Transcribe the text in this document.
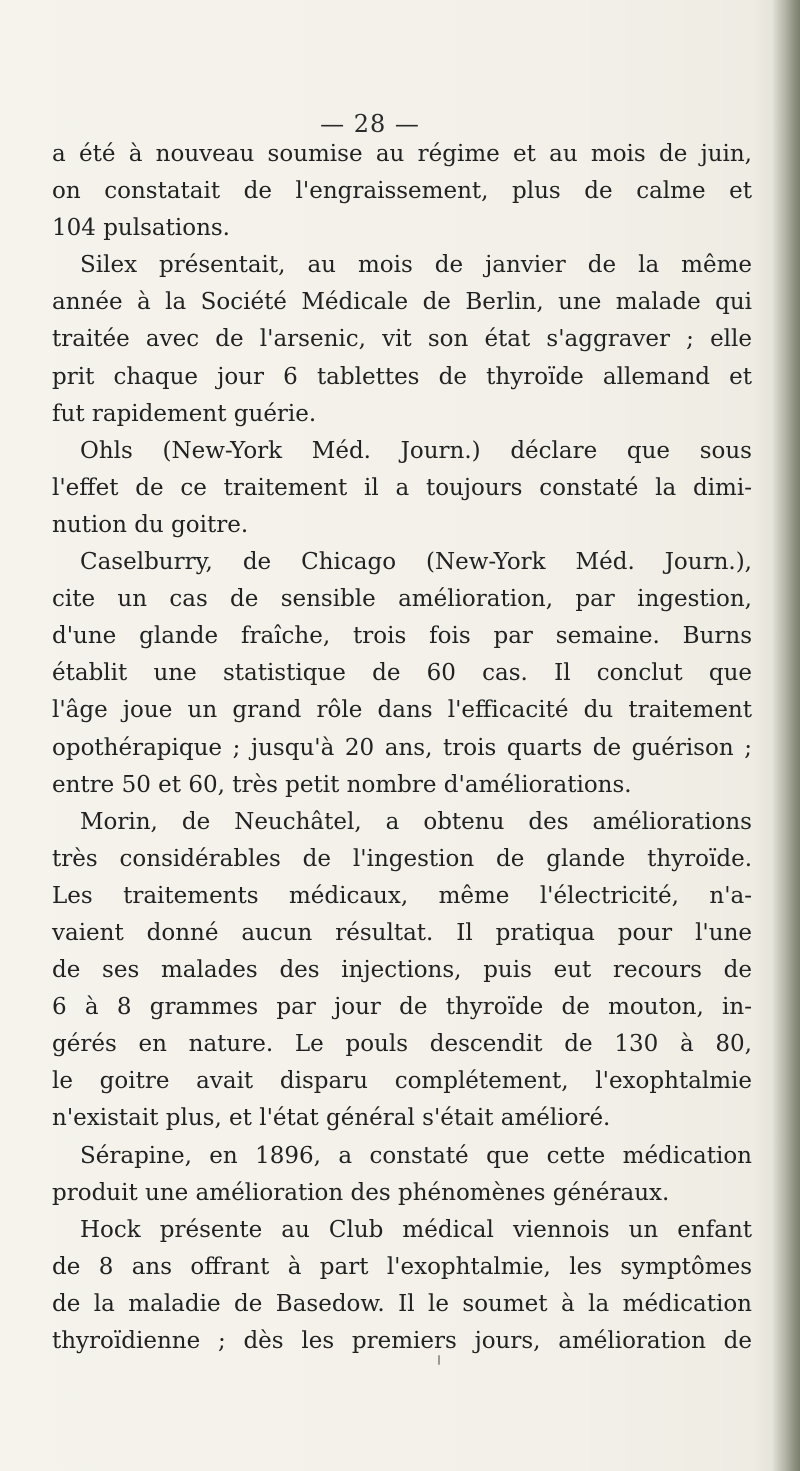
— 28 —
a été à nouveau soumise au régime et au mois de juin,
on constatait de l'engraissement, plus de calme et
104 pulsations.
Silex présentait, au mois de janvier de la même
année à la Société Médicale de Berlin, une malade qui
traitée avec de l'arsenic, vit son état s'aggraver ; elle
prit chaque jour 6 tablettes de thyroïde allemand et
fut rapidement guérie.
Ohls (New-York Méd. Journ.) déclare que sous
l'effet de ce traitement il a toujours constaté la dimi-
nution du goitre.
Caselburry, de Chicago (New-York Méd. Journ.),
cite un cas de sensible amélioration, par ingestion,
d'une glande fraîche, trois fois par semaine. Burns
établit une statistique de 60 cas. Il conclut que
l'âge joue un grand rôle dans l'efficacité du traitement
opothérapique ; jusqu'à 20 ans, trois quarts de guérison ;
entre 50 et 60, très petit nombre d'améliorations.
Morin, de Neuchâtel, a obtenu des améliorations
très considérables de l'ingestion de glande thyroïde.
Les traitements médicaux, même l'électricité, n'a-
vaient donné aucun résultat. Il pratiqua pour l'une
de ses malades des injections, puis eut recours de
6 à 8 grammes par jour de thyroïde de mouton, in-
gérés en nature. Le pouls descendit de 130 à 80,
le goitre avait disparu complétement, l'exophtalmie
n'existait plus, et l'état général s'était amélioré.
Sérapine, en 1896, a constaté que cette médication
produit une amélioration des phénomènes généraux.
Hock présente au Club médical viennois un enfant
de 8 ans offrant à part l'exophtalmie, les symptômes
de la maladie de Basedow. Il le soumet à la médication
thyroïdienne ; dès les premiers jours, amélioration de
